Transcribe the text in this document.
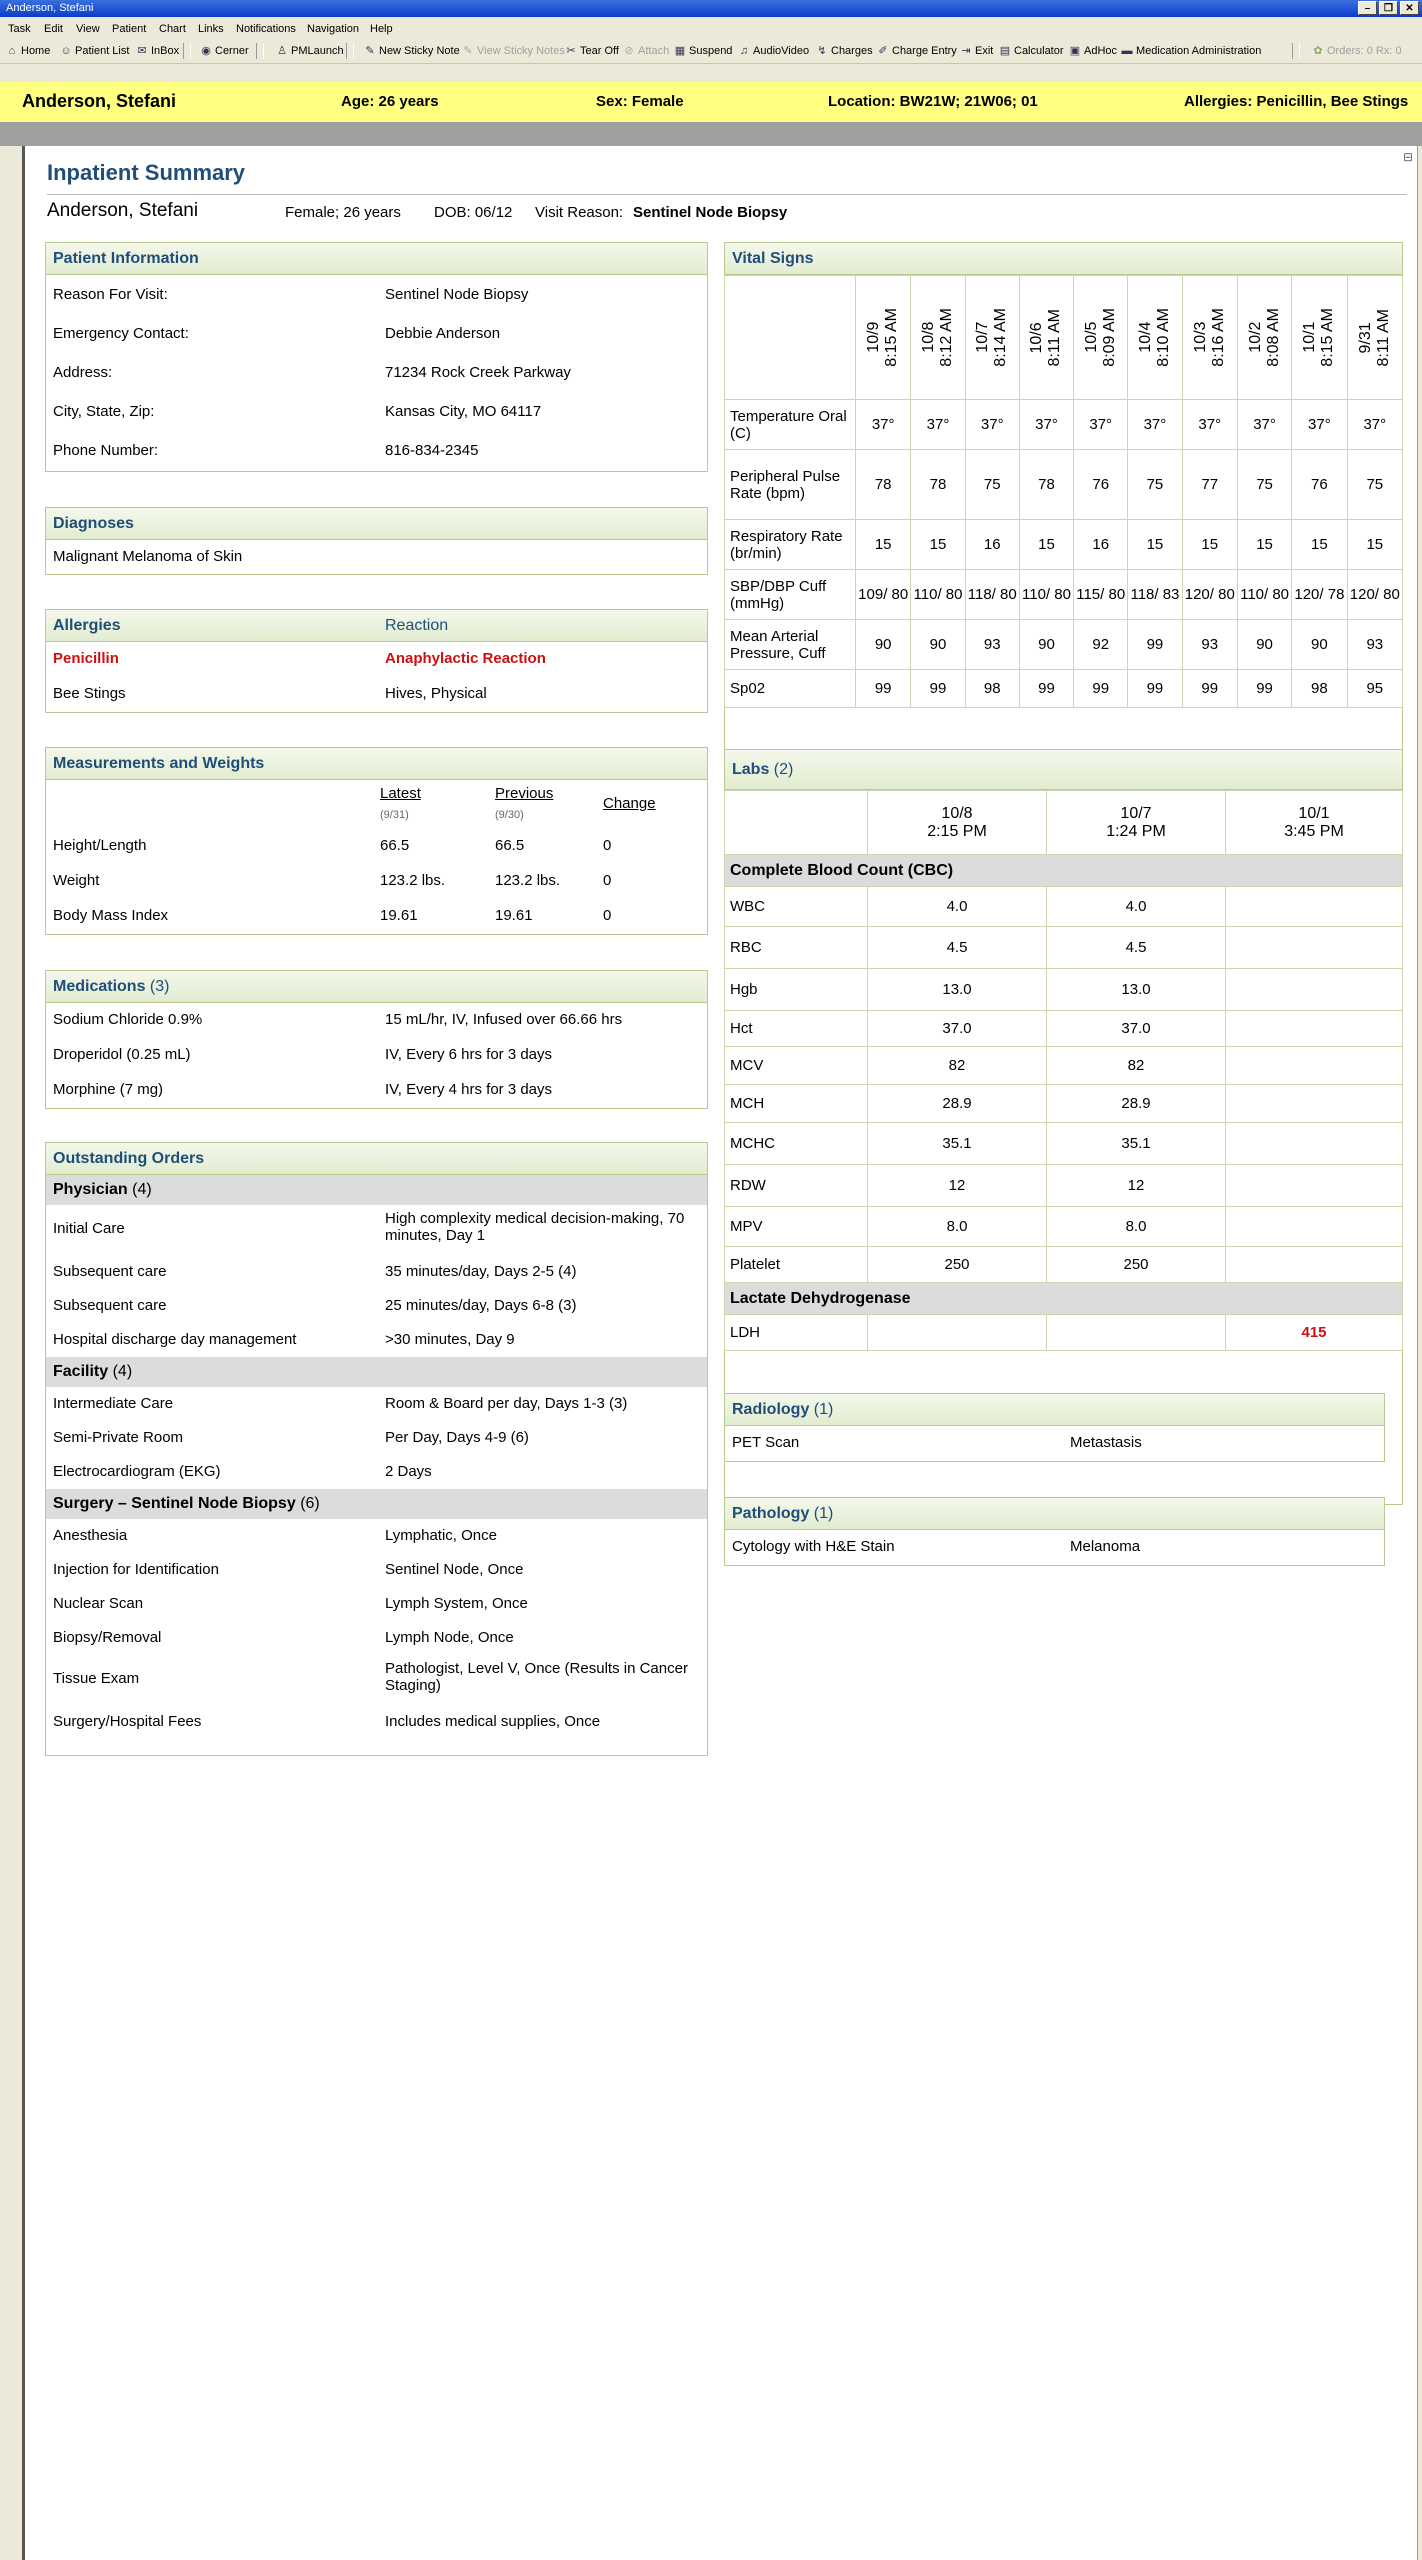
Anderson, Stefani	–	❐	✕
Task Edit View Patient Chart Links Notifications Navigation Help
⌂ Home ☺ Patient List ✉ InBox ◉ Cerner	♙ PMLaunch ✎ New Sticky Note ✎ View Sticky Notes ✂ Tear Off ⊘ Attach ▦ Suspend ♫ AudioVideo ↯ Charges ✐ Charge Entry ⇥ Exit ▤ Calculator ▣ AdHoc ▬ Medication Administration	✿ Orders: 0 Rx: 0
Anderson, Stefani	Age: 26 years	Sex: Female	Location: BW21W; 21W06; 01	Allergies: Penicillin, Bee Stings
⊟
Inpatient Summary
Anderson, Stefani	Female; 26 years DOB: 06/12 Visit Reason: Sentinel Node Biopsy
Patient Information
Reason For Visit:	Sentinel Node Biopsy
Emergency Contact:	Debbie Anderson
Address:	71234 Rock Creek Parkway
City, State, Zip:	Kansas City, MO 64117
Phone Number:	816-834-2345
Diagnoses
Malignant Melanoma of Skin
Allergies	Reaction
Penicillin	Anaphylactic Reaction
Bee Stings	Hives, Physical
Measurements and Weights
Latest
(9/31)
Previous
(9/30)
Change
Height/Length	66.5	66.5	0
Weight	123.2 lbs.	123.2 lbs.	0
Body Mass Index	19.61	19.61	0
Medications (3)
Sodium Chloride 0.9%	15 mL/hr, IV, Infused over 66.66 hrs
Droperidol (0.25 mL)	IV, Every 6 hrs for 3 days
Morphine (7 mg)	IV, Every 4 hrs for 3 days
Outstanding Orders
Physician (4)
Initial Care
High complexity medical decision-making, 70 minutes, Day 1
Subsequent care	35 minutes/day, Days 2-5 (4)
Subsequent care	25 minutes/day, Days 6-8 (3)
Hospital discharge day management	>30 minutes, Day 9
Facility (4)
Intermediate Care	Room & Board per day, Days 1-3 (3)
Semi-Private Room	Per Day, Days 4-9 (6)
Electrocardiogram (EKG)	2 Days
Surgery – Sentinel Node Biopsy (6)
Anesthesia	Lymphatic, Once
Injection for Identification	Sentinel Node, Once
Nuclear Scan	Lymph System, Once
Biopsy/Removal	Lymph Node, Once
Tissue Exam
Pathologist, Level V, Once (Results in Cancer Staging)
Surgery/Hospital Fees	Includes medical supplies, Once
Vital Signs

	10/9
8:15 AM	10/8
8:12 AM	10/7
8:14 AM	10/6
8:11 AM	10/5
8:09 AM	10/4
8:10 AM	10/3
8:16 AM	10/2
8:08 AM	10/1
8:15 AM	9/31
8:11 AM

Temperature Oral (C)	37°	37°	37°	37°	37°	37°	37°	37°	37°	37°
Peripheral Pulse Rate (bpm)	78	78	75	78	76	75	77	75	76	75
Respiratory Rate (br/min)	15	15	16	15	16	15	15	15	15	15
SBP/DBP Cuff (mmHg)	109/ 80	110/ 80	118/ 80	110/ 80	115/ 80	118/ 83	120/ 80	110/ 80	120/ 78	120/ 80
Mean Arterial Pressure, Cuff	90	90	93	90	92	99	93	90	90	93
Sp02	99	99	98	99	99	99	99	99	98	95
Labs (2)
	10/8
2:15 PM	10/7
1:24 PM	10/1
3:45 PM
Complete Blood Count (CBC)			
WBC	4.0	4.0	
RBC	4.5	4.5	
Hgb	13.0	13.0	
Hct	37.0	37.0	
MCV	82	82	
MCH	28.9	28.9	
MCHC	35.1	35.1	
RDW	12	12	
MPV	8.0	8.0	
Platelet	250	250	
Lactate Dehydrogenase			
LDH			415
Radiology (1)
PET Scan	Metastasis
Pathology (1)
Cytology with H&E Stain	Melanoma
